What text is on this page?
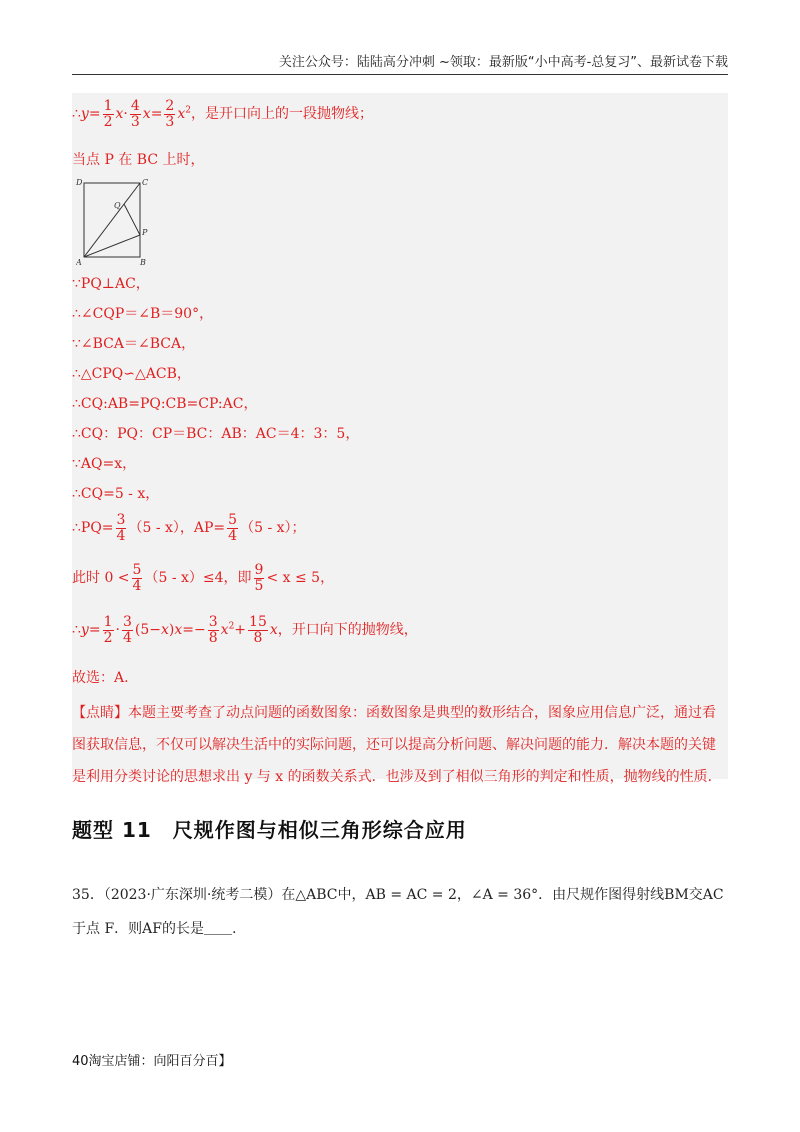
关注公众号：陆陆高分冲刺 ~领取：最新版“小中高考-总复习”、最新试卷下载
∴y= $\frac{1}{2} x\cdot \frac{4}{3} x= \frac{2}{3} x^2$，是开口向上的一段抛物线；
当点 P 在 BC 上时，
D	C
Q
P
A	B
∵PQ⊥AC，
∴∠CQP＝∠B＝90°，
∵∠BCA＝∠BCA，
∴△CPQ∽△ACB，
∴CQ:AB=PQ:CB=CP:AC，
∴CQ：PQ：CP＝BC：AB：AC＝4：3：5，
∵AQ=x，
∴CQ=5 - x，
∴PQ= $\frac{3}{4} (5 - x)$，$AP= \frac{5}{4} (5 - x)$；
此时 $0 < \frac{5}{4} (5 - x)\le 4$，即 $\frac{9}{5} < x \le 5$，
∴y= $\frac{1}{2} \cdot \frac{3}{4} (5-x)x=- \frac{3}{8} x^2+ \frac{15}{8}$ x，开口向下的抛物线，
故选：A.
【点睛】本题主要考查了动点问题的函数图象：函数图象是典型的数形结合，图象应用信息广泛，通过看图获取信息，不仅可以解决生活中的实际问题，还可以提高分析问题、解决问题的能力．解决本题的关键是利用分类讨论的思想求出 y 与 x 的函数关系式．也涉及到了相似三角形的判定和性质，抛物线的性质．
题型 11　尺规作图与相似三角形综合应用
35．（2023·广东深圳·统考二模）在△ABC中，AB = AC = 2，∠A = 36°．由尺规作图得射线BM交AC
于点 F．则AF的长是＿＿.
40淘宝店铺：向阳百分百】
